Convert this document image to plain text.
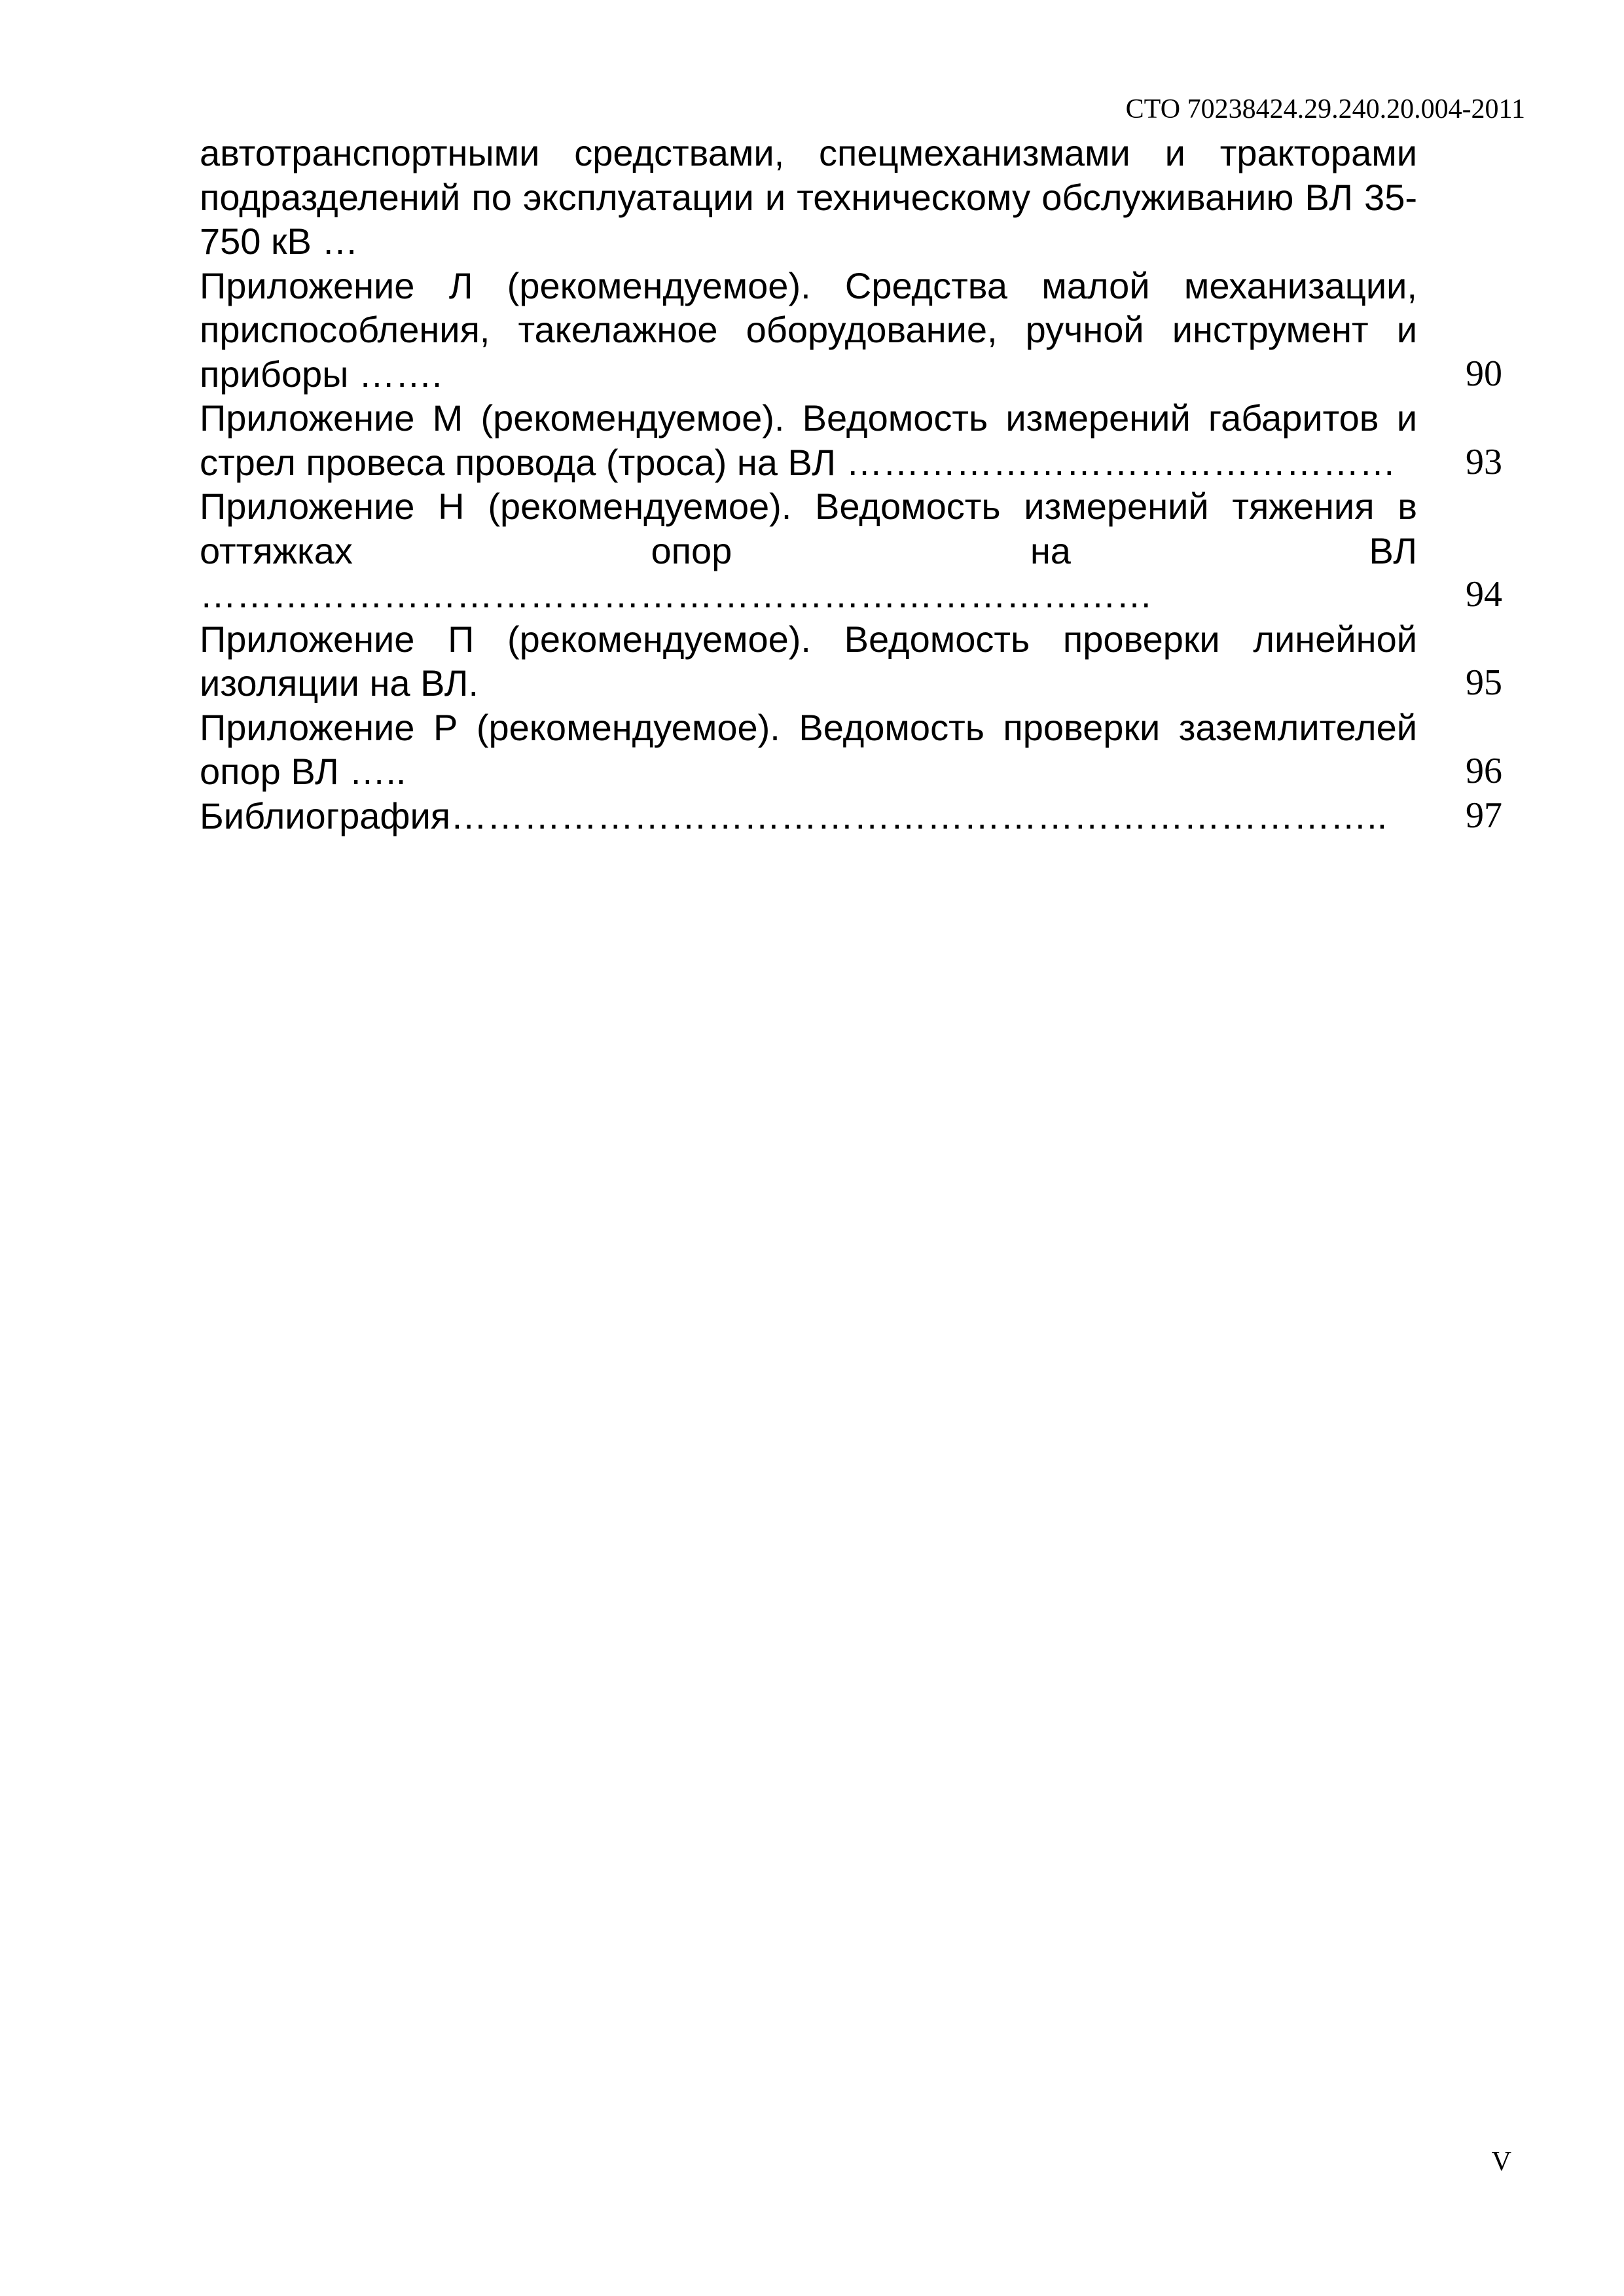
СТО 70238424.29.240.20.004-2011
автотранспортными средствами, спецмеханизмами и тракторами подразделений по эксплуатации и техническому обслуживанию ВЛ 35-750 кВ …
Приложение Л (рекомендуемое). Средства малой механизации, приспособления, такелажное оборудование, ручной инструмент и приборы …….	90
Приложение М (рекомендуемое). Ведомость измерений габаритов и стрел провеса провода (троса) на ВЛ ………………………………………	93
Приложение Н (рекомендуемое). Ведомость измерений тяжения в оттяжках опор на ВЛ
……………………………………………………………………	94
Приложение П (рекомендуемое). Ведомость проверки линейной изоляции на ВЛ.	95
Приложение Р (рекомендуемое). Ведомость проверки заземлителей опор ВЛ …..	96
Библиография…………………………………………………………………..	97
V
